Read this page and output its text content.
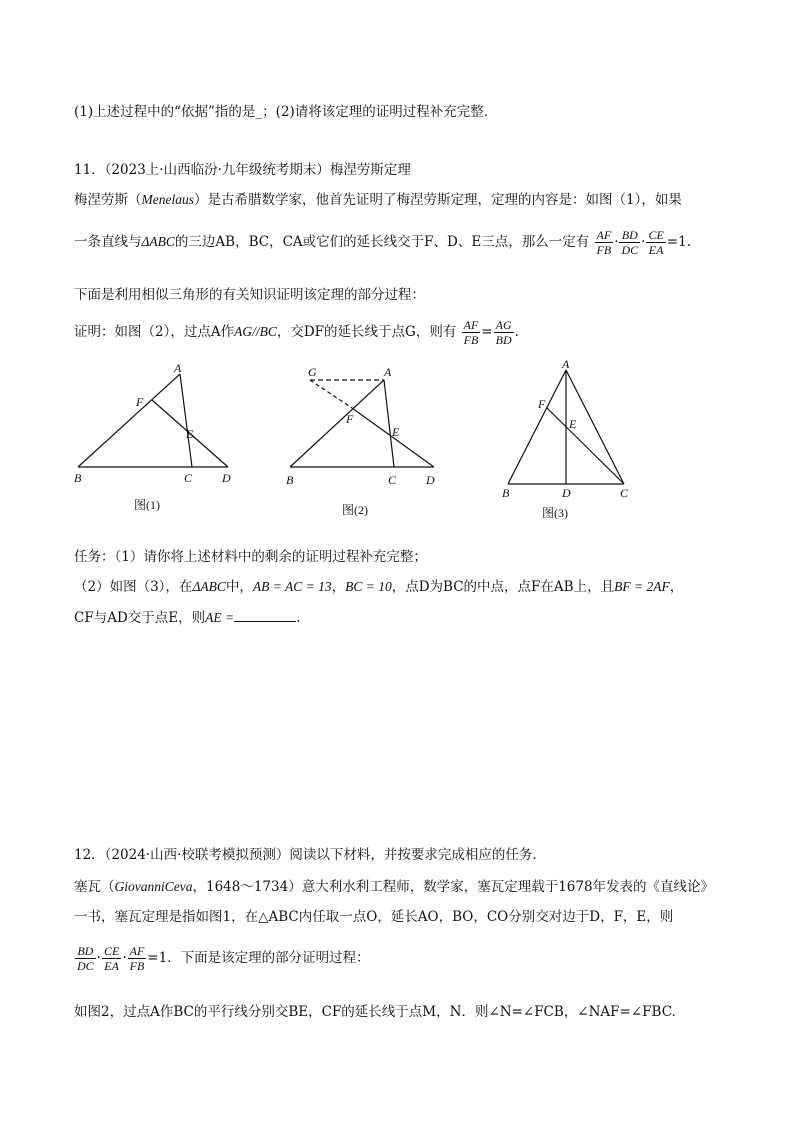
(1)上述过程中的“依据”指的是_；(2)请将该定理的证明过程补充完整．
11．（2023上·山西临汾·九年级统考期末）梅涅劳斯定理
梅涅劳斯（Menelaus）是古希腊数学家，他首先证明了梅涅劳斯定理，定理的内容是：如图（1），如果
一条直线与ΔABC的三边AB，BC，CA或它们的延长线交于F、D、E三点，那么一定有 $\frac{AF}{FB} \cdot \frac{BD}{DC} \cdot \frac{CE}{EA} =1$.
下面是利用相似三角形的有关知识证明该定理的部分过程：
证明：如图（2），过点A作AG//BC，交DF的延长线于点G，则有 $\frac{AF}{FB} = \frac{AG}{BD}$ .
A
F
E
B	C D
图(1)
G	A
F
E
B	C D
图(2)
A
F
E
B	D	C
图(3)
任务：（1）请你将上述材料中的剩余的证明过程补充完整；
（2）如图（3），在ΔABC中，AB = AC = 13，BC = 10，点D为BC的中点，点F在AB上，且BF = 2AF，
CF与AD交于点E，则AE =	.
12．（2024·山西·校联考模拟预测）阅读以下材料，并按要求完成相应的任务．
塞瓦（GiovanniCeva，1648～1734）意大利水利工程师，数学家，塞瓦定理载于1678年发表的《直线论》
一书，塞瓦定理是指如图1，在△ABC内任取一点O，延长AO，BO，CO分别交对边于D，F，E，则
$\frac{BD}{DC} \cdot \frac{CE}{EA} \cdot \frac{AF}{FB} =1$．下面是该定理的部分证明过程：
如图2，过点A作BC的平行线分别交BE，CF的延长线于点M，N．则∠N=∠FCB，∠NAF=∠FBC.
